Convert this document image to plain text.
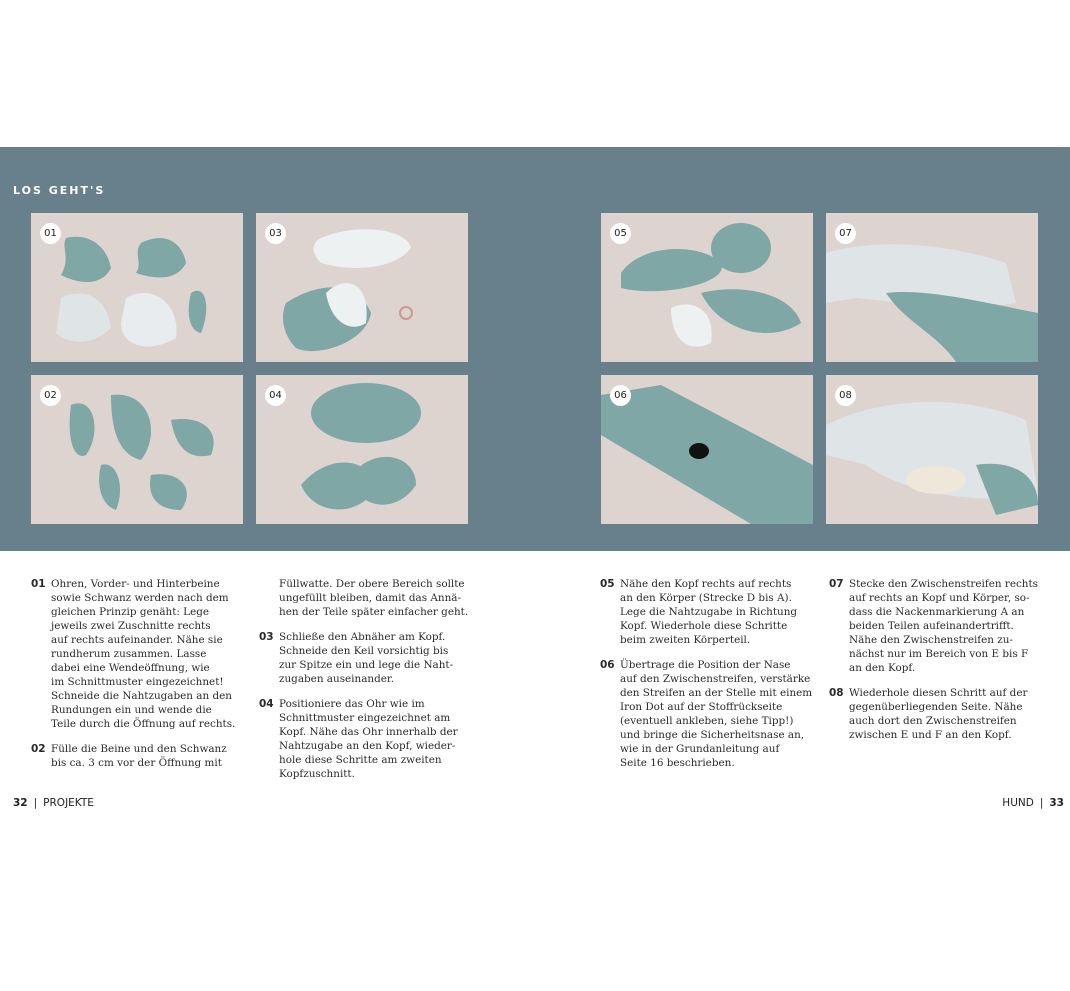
LOS GEHT'S
01
02
03
04
05
06
07
08
01 Ohren, Vorder- und Hinterbeine
sowie Schwanz werden nach dem
gleichen Prinzip genäht: Lege
jeweils zwei Zuschnitte rechts
auf rechts aufeinander. Nähe sie
rundherum zusammen. Lasse
dabei eine Wendeöffnung, wie
im Schnittmuster eingezeichnet!
Schneide die Nahtzugaben an den
Rundungen ein und wende die
Teile durch die Öffnung auf rechts.
02 Fülle die Beine und den Schwanz
bis ca. 3 cm vor der Öffnung mit
Füllwatte. Der obere Bereich sollte
ungefüllt bleiben, damit das Annä-
hen der Teile später einfacher geht.
03 Schließe den Abnäher am Kopf.
Schneide den Keil vorsichtig bis
zur Spitze ein und lege die Naht-
zugaben auseinander.
04 Positioniere das Ohr wie im
Schnittmuster eingezeichnet am
Kopf. Nähe das Ohr innerhalb der
Nahtzugabe an den Kopf, wieder-
hole diese Schritte am zweiten
Kopfzuschnitt.
05 Nähe den Kopf rechts auf rechts
an den Körper (Strecke D bis A).
Lege die Nahtzugabe in Richtung
Kopf. Wiederhole diese Schritte
beim zweiten Körperteil.
06 Übertrage die Position der Nase
auf den Zwischenstreifen, verstärke
den Streifen an der Stelle mit einem
Iron Dot auf der Stoffrückseite
(eventuell ankleben, siehe Tipp!)
und bringe die Sicherheitsnase an,
wie in der Grundanleitung auf
Seite 16 beschrieben.
07 Stecke den Zwischenstreifen rechts
auf rechts an Kopf und Körper, so-
dass die Nackenmarkierung A an
beiden Teilen aufeinandertrifft.
Nähe den Zwischenstreifen zu-
nächst nur im Bereich von E bis F
an den Kopf.
08 Wiederhole diesen Schritt auf der
gegenüberliegenden Seite. Nähe
auch dort den Zwischenstreifen
zwischen E und F an den Kopf.
32 | PROJEKTE	HUND | 33
